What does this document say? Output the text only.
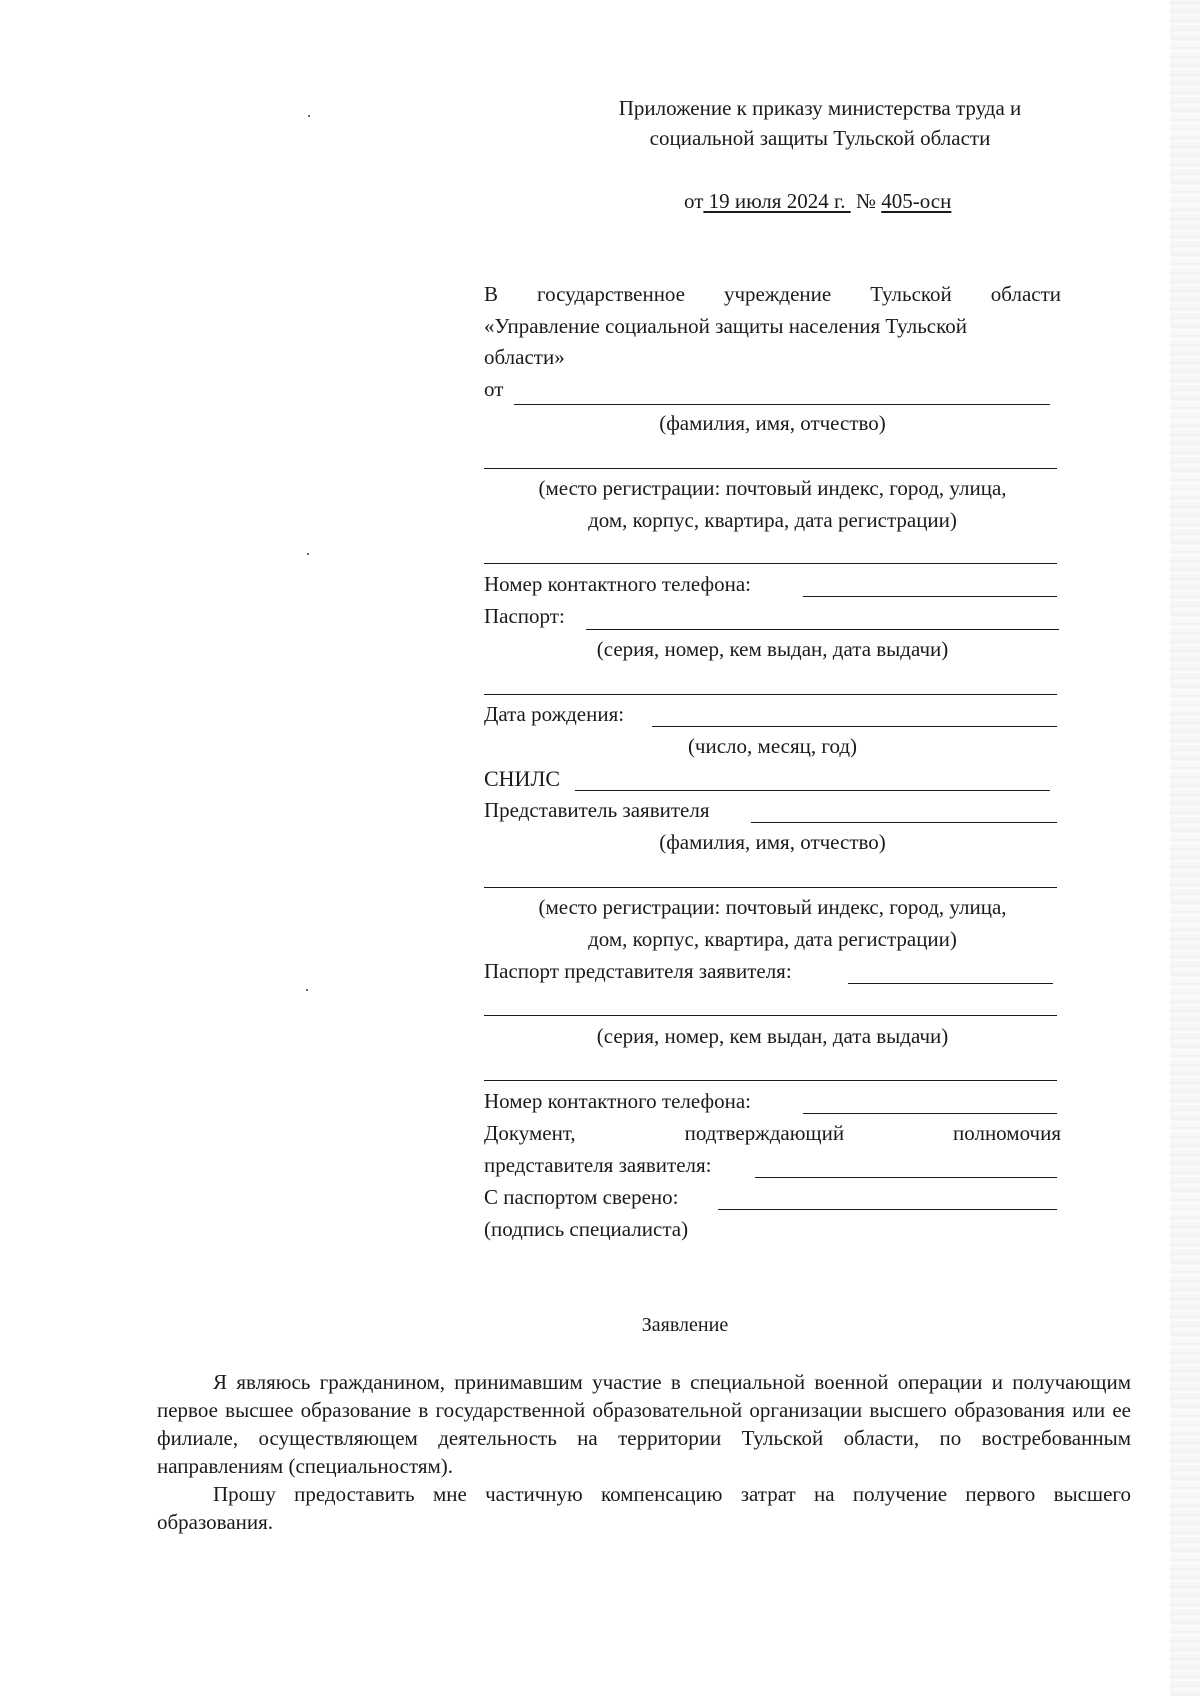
Приложение к приказу министерства труда и
социальной защиты Тульской области
от 19 июля 2024 г. № 405-осн
В государственное учреждение Тульской области
«Управление социальной защиты населения Тульской
области»
от
(фамилия, имя, отчество)
(место регистрации: почтовый индекс, город, улица,
дом, корпус, квартира, дата регистрации)
Номер контактного телефона:
Паспорт:
(серия, номер, кем выдан, дата выдачи)
Дата рождения:
(число, месяц, год)
СНИЛС
Представитель заявителя
(фамилия, имя, отчество)
(место регистрации: почтовый индекс, город, улица,
дом, корпус, квартира, дата регистрации)
Паспорт представителя заявителя:
(серия, номер, кем выдан, дата выдачи)
Номер контактного телефона:
Документ,	подтверждающий	полномочия
представителя заявителя:
С паспортом сверено:
(подпись специалиста)
Заявление
Я являюсь гражданином, принимавшим участие в специальной военной операции и получающим первое высшее образование в государственной образовательной организации высшего образования или ее филиале, осуществляющем деятельность на территории Тульской области, по востребованным направлениям (специальностям).
Прошу предоставить мне частичную компенсацию затрат на получение первого высшего образования.
